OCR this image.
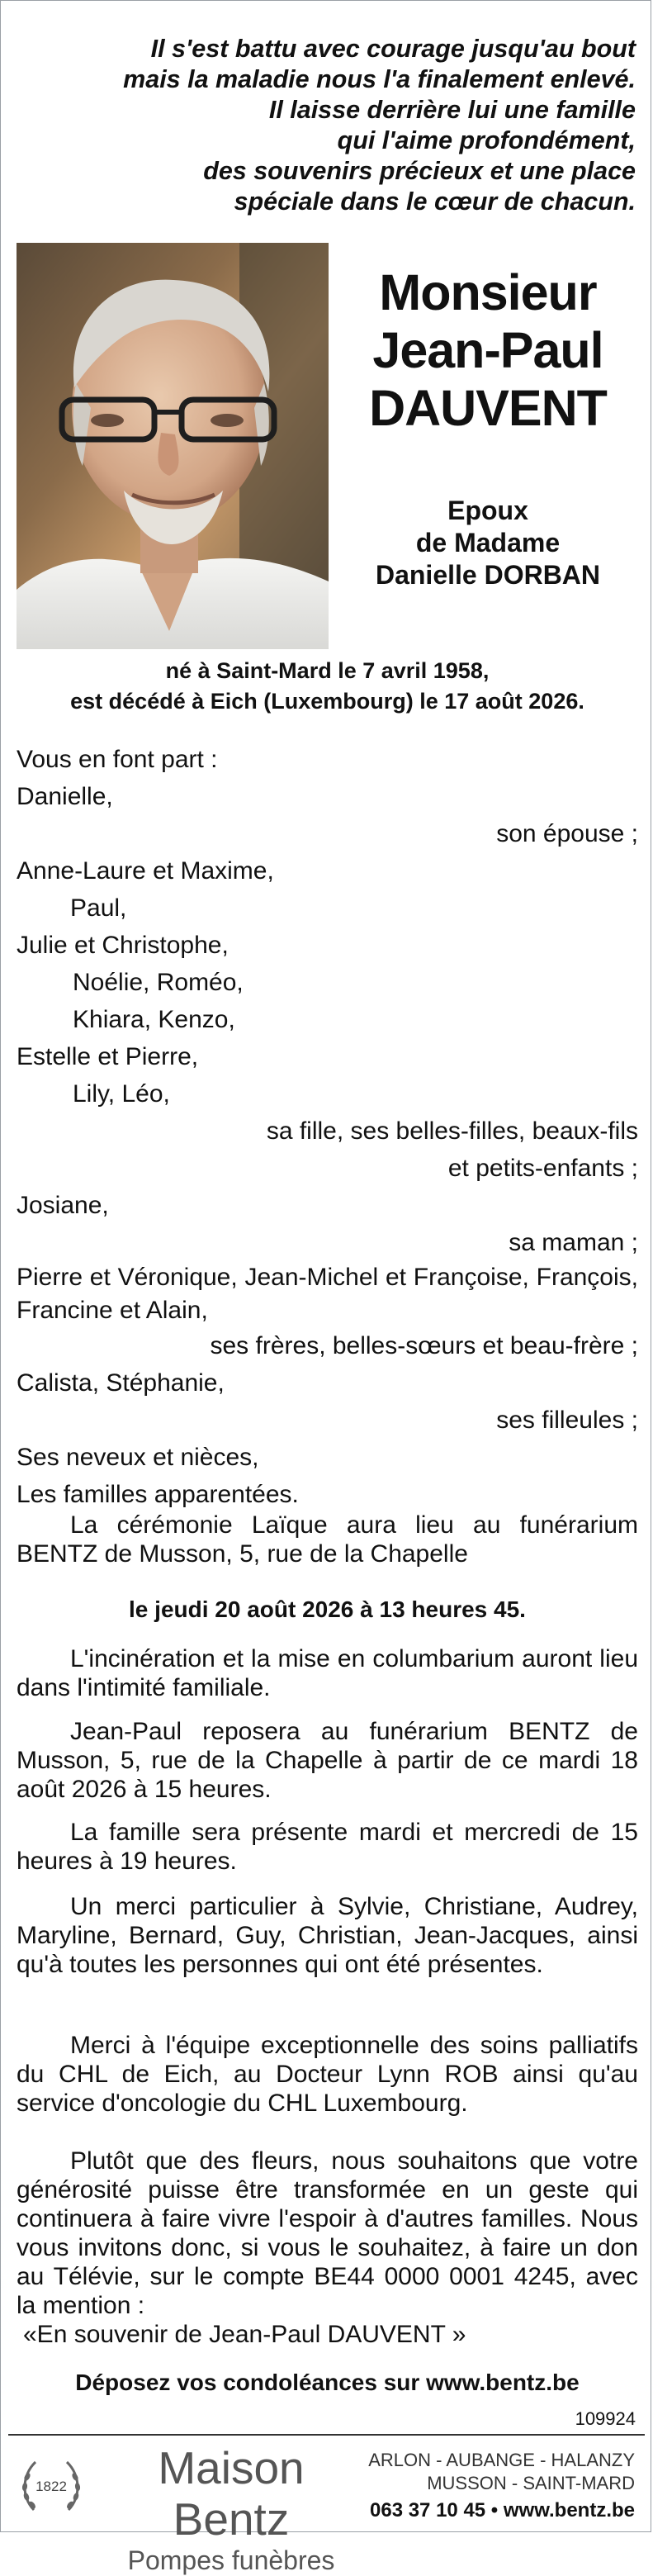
Il s'est battu avec courage jusqu'au bout
mais la maladie nous l'a finalement enlevé.
Il laisse derrière lui une famille
qui l'aime profondément,
des souvenirs précieux et une place
spéciale dans le cœur de chacun.
Monsieur
Jean-Paul
DAUVENT
Epoux
de Madame
Danielle DORBAN
né à Saint-Mard le 7 avril 1958,
est décédé à Eich (Luxembourg) le 17 août 2026.
Vous en font part :
Danielle,
son épouse ;
Anne-Laure et Maxime,
Paul,
Julie et Christophe,
Noélie, Roméo,
Khiara, Kenzo,
Estelle et Pierre,
Lily, Léo,
sa fille, ses belles-filles, beaux-fils
et petits-enfants ;
Josiane,
sa maman ;
Pierre et Véronique, Jean-Michel et Françoise, François, Francine et Alain,
ses frères, belles-sœurs et beau-frère ;
Calista, Stéphanie,
ses filleules ;
Ses neveux et nièces,
Les familles apparentées.
La cérémonie Laïque aura lieu au funérarium BENTZ de Musson, 5, rue de la Chapelle
le jeudi 20 août 2026 à 13 heures 45.
L'incinération et la mise en columbarium auront lieu dans l'intimité familiale.
Jean-Paul reposera au funérarium BENTZ de Musson, 5, rue de la Chapelle à partir de ce mardi 18 août 2026 à 15 heures.
La famille sera présente mardi et mercredi de 15 heures à 19 heures.
Un merci particulier à Sylvie, Christiane, Audrey, Maryline, Bernard, Guy, Christian, Jean-Jacques, ainsi qu'à toutes les personnes qui ont été présentes.
Merci à l'équipe exceptionnelle des soins palliatifs du CHL de Eich, au Docteur Lynn ROB ainsi qu'au service d'oncologie du CHL Luxembourg.
Plutôt que des fleurs, nous souhaitons que votre générosité puisse être transformée en un geste qui continuera à faire vivre l'espoir à d'autres familles. Nous vous invitons donc, si vous le souhaitez, à faire un don au Télévie, sur le compte BE44 0000 0001 4245, avec la mention :
«En souvenir de Jean-Paul DAUVENT »
Déposez vos condoléances sur www.bentz.be
109924
1822	Maison Bentz
Pompes funèbres
ARLON - AUBANGE - HALANZY
MUSSON - SAINT-MARD
063 37 10 45 • www.bentz.be
